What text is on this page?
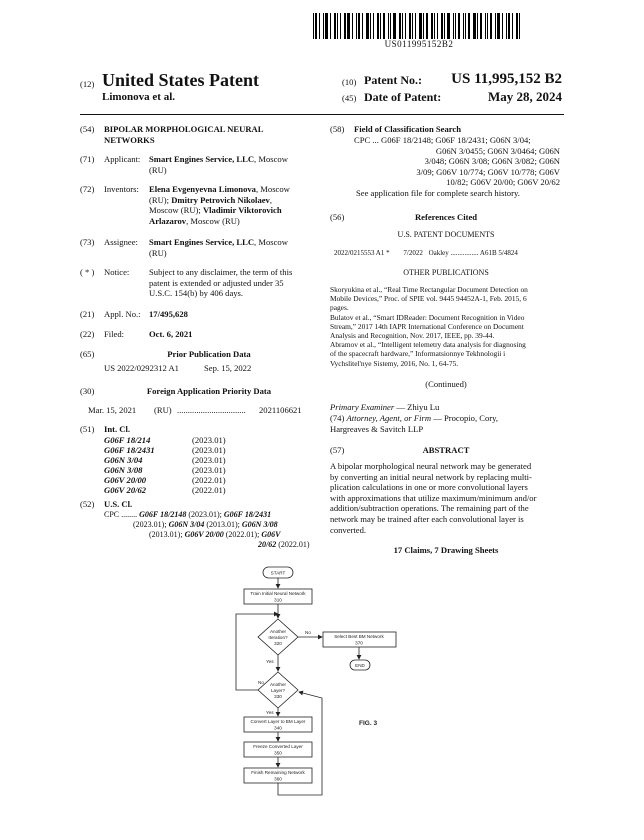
US011995152B2
(12) United States Patent
Limonova et al.
(10) Patent No.:	US 11,995,152 B2
(45) Date of Patent:	May 28, 2024
(54) BIPOLAR MORPHOLOGICAL NEURAL NETWORKS
(71) Applicant: Smart Engines Service, LLC, Moscow
(RU)
(72) Inventors: Elena Evgenyevna Limonova, Moscow
(RU); Dmitry Petrovich Nikolaev,
Moscow (RU); Vladimir Viktorovich
Arlazarov, Moscow (RU)
(73) Assignee: Smart Engines Service, LLC, Moscow
(RU)
( * ) Notice: Subject to any disclaimer, the term of this
patent is extended or adjusted under 35
U.S.C. 154(b) by 406 days.
(21) Appl. No.: 17/495,628
(22) Filed:	Oct. 6, 2021
(65)	Prior Publication Data
US 2022/0292312 A1	Sep. 15, 2022
(30)	Foreign Application Priority Data
Mar. 15, 2021 (RU) ................................	2021106621
(51) Int. Cl.
G06F 18/214	(2023.01)
G06F 18/2431	(2023.01)
G06N 3/04	(2023.01)
G06N 3/08	(2023.01)
G06V 20/00	(2022.01)
G06V 20/62	(2022.01)
(52) U.S. Cl.
CPC ........ G06F 18/2148 (2023.01); G06F 18/2431
(2023.01); G06N 3/04 (2013.01); G06N 3/08
(2013.01); G06V 20/00 (2022.01); G06V
20/62 (2022.01)
(58) Field of Classification Search
CPC ... G06F 18/2148; G06F 18/2431; G06N 3/04;
G06N 3/0455; G06N 3/0464; G06N
3/048; G06N 3/08; G06N 3/082; G06N
3/09; G06V 10/774; G06V 10/778; G06V
10/82; G06V 20/00; G06V 20/62
See application file for complete search history.
(56)	References Cited
U.S. PATENT DOCUMENTS
2022/0215553 A1 * 7/2022 Oakley ................ A61B 5/4824
OTHER PUBLICATIONS
Skoryukina et al., “Real Time Rectangular Document Detection on
Mobile Devices,” Proc. of SPIE vol. 9445 94452A-1, Feb. 2015, 6
pages.
Bulatov et al., “Smart IDReader: Document Recognition in Video
Stream,” 2017 14th IAPR International Conference on Document
Analysis and Recognition, Nov. 2017, IEEE, pp. 39-44.
Abramov et al., “Intelligent telemetry data analysis for diagnosing
of the spacecraft hardware,” Informatsionnye Tekhnologii i
Vychslitel'nye Sistemy, 2016, No. 1, 64-75.
(Continued)
Primary Examiner — Zhiyu Lu
(74) Attorney, Agent, or Firm — Procopio, Cory,
Hargreaves & Savitch LLP
(57)	ABSTRACT
A bipolar morphological neural network may be generated
by converting an initial neural network by replacing multi-
plication calculations in one or more convolutional layers
with approximations that utilize maximum/minimum and/or
addition/subtraction operations. The remaining part of the
network may be trained after each convolutional layer is
converted.
17 Claims, 7 Drawing Sheets
START
Train Initial Neural Network
310
Another
Iteration?
320
No
Select Best BM Network
370
END
Yes
No Another
Layer?
330
Yes
Convert Layer to BM Layer
340
Freeze Converted Layer
350
Finish Remaining Network
360
FIG. 3
